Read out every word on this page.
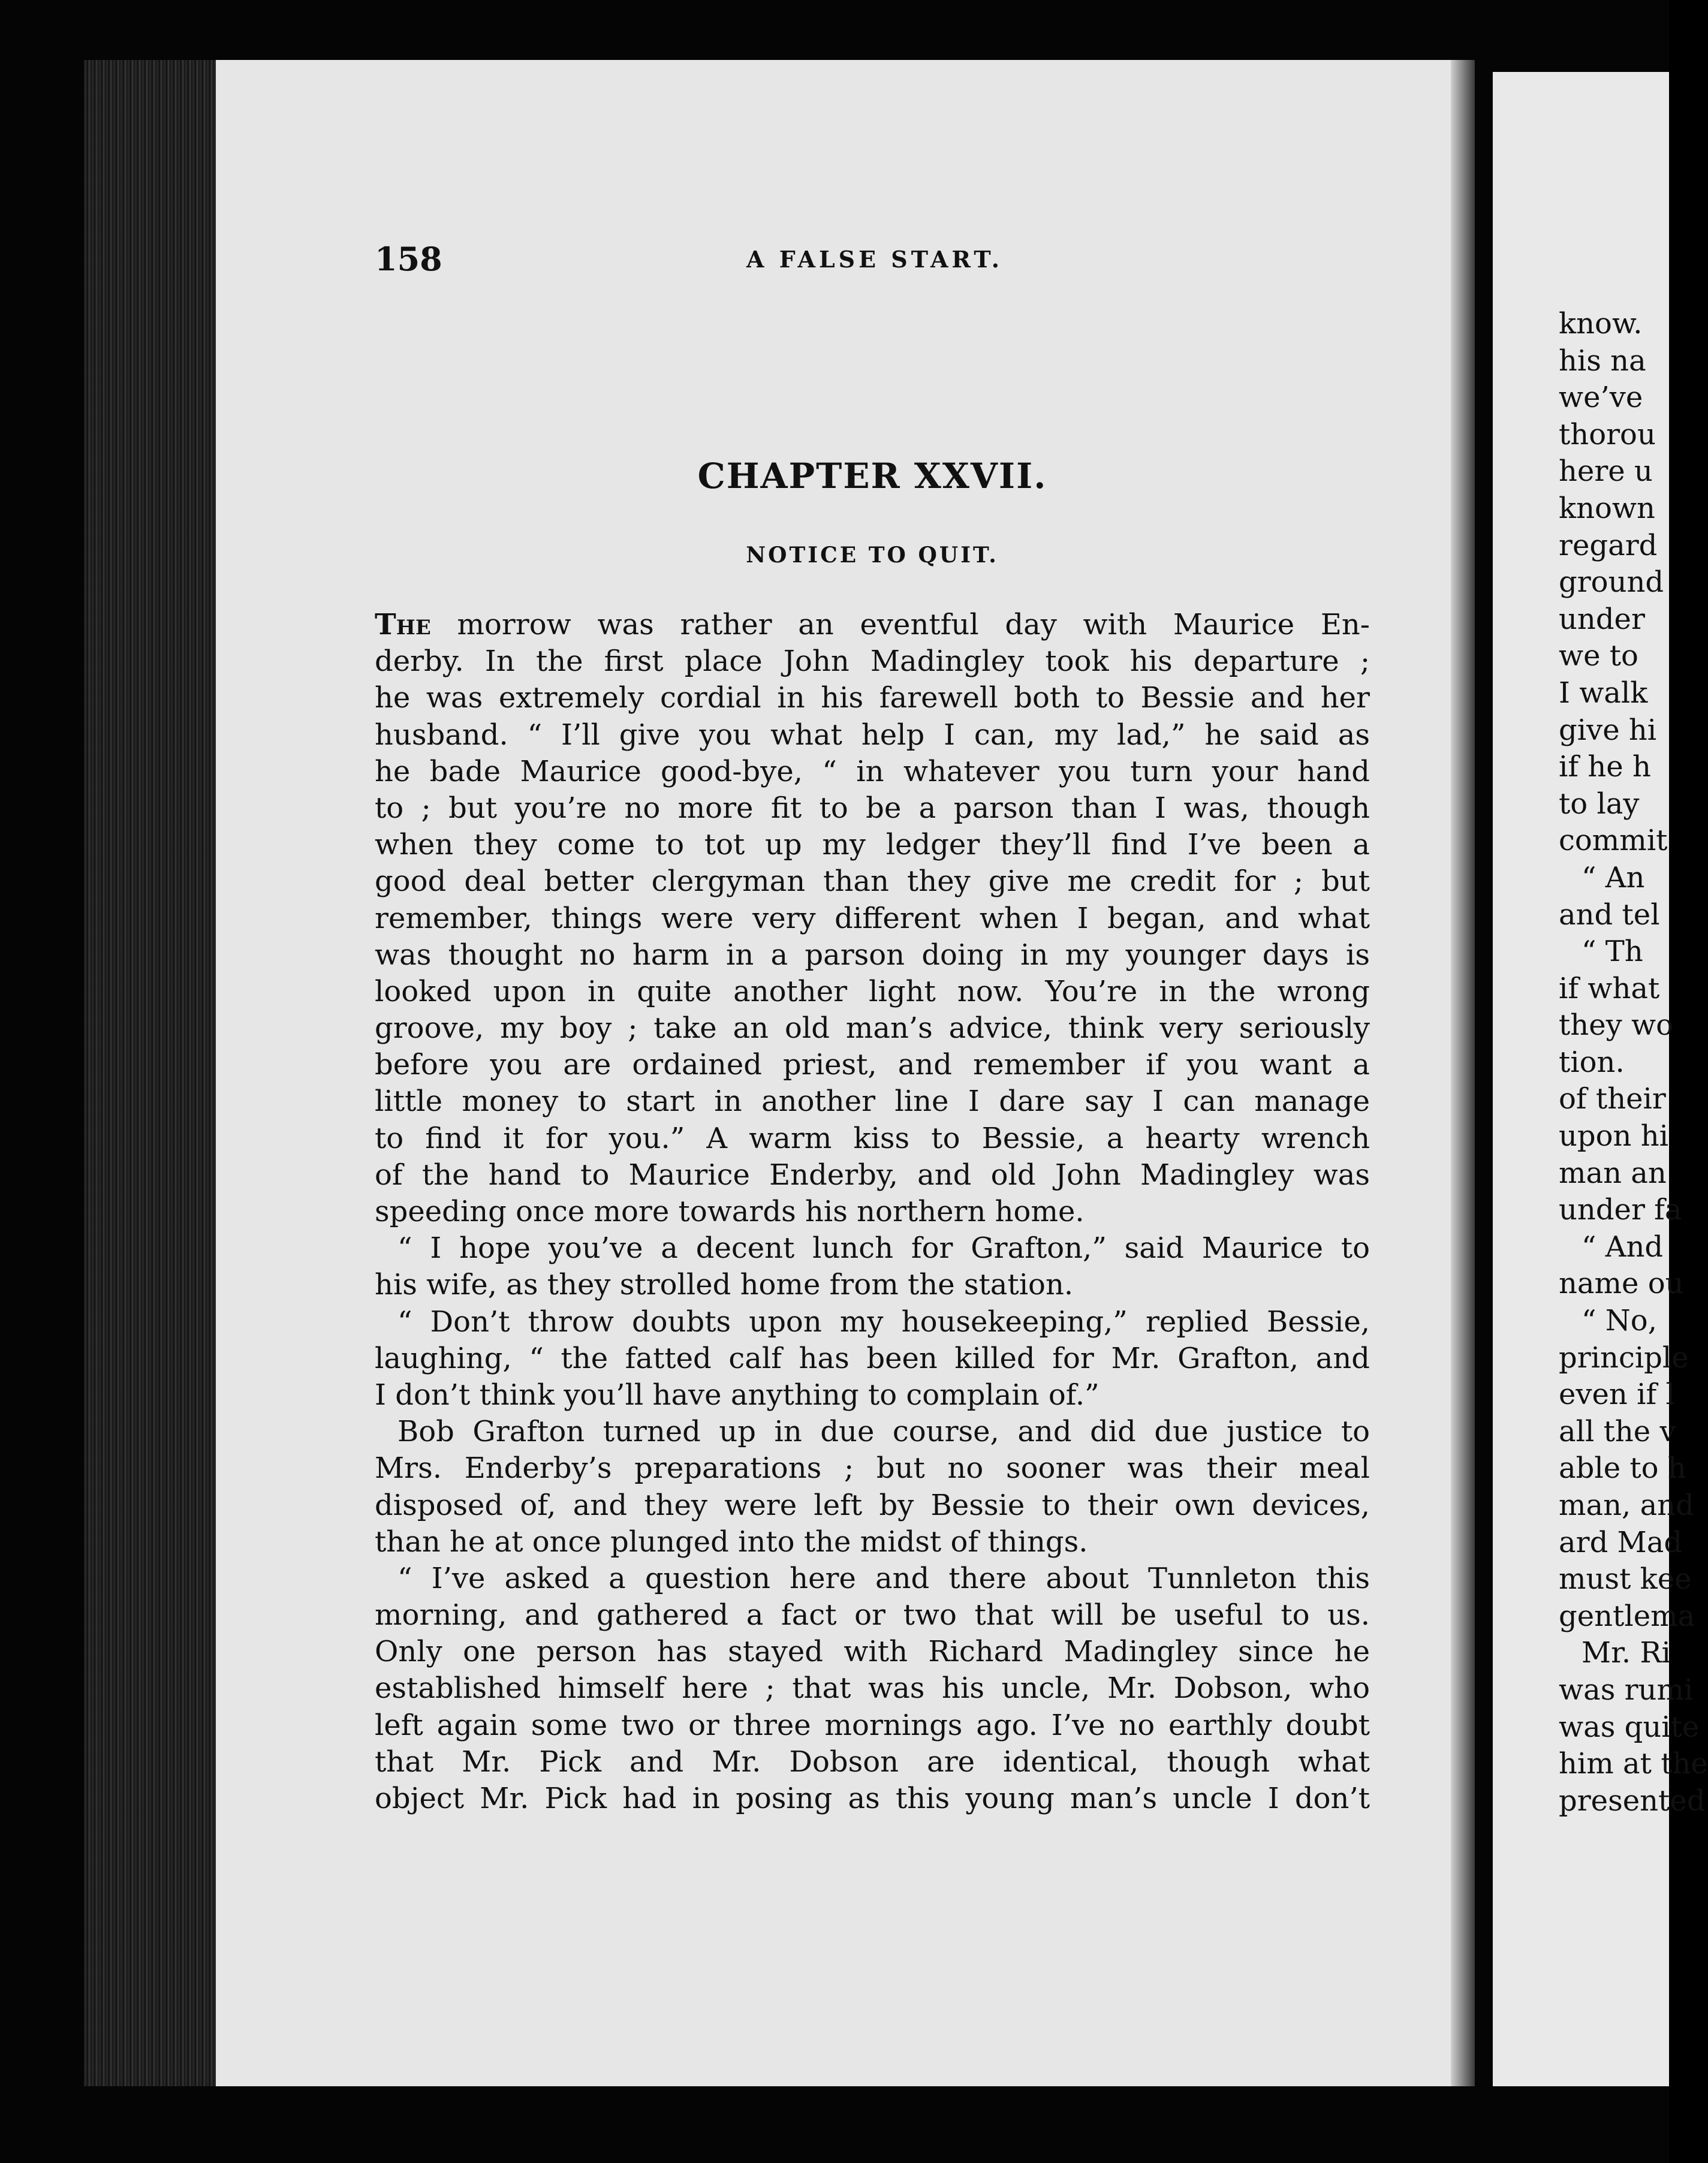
158	A FALSE START.
CHAPTER XXVII.
NOTICE TO QUIT.
The morrow was rather an eventful day with Maurice En-
derby. In the first place John Madingley took his departure ;
he was extremely cordial in his farewell both to Bessie and her
husband. “ I’ll give you what help I can, my lad,” he said as
he bade Maurice good-bye, “ in whatever you turn your hand
to ; but you’re no more fit to be a parson than I was, though
when they come to tot up my ledger they’ll find I’ve been a
good deal better clergyman than they give me credit for ; but
remember, things were very different when I began, and what
was thought no harm in a parson doing in my younger days is
looked upon in quite another light now. You’re in the wrong
groove, my boy ; take an old man’s advice, think very seriously
before you are ordained priest, and remember if you want a
little money to start in another line I dare say I can manage
to find it for you.” A warm kiss to Bessie, a hearty wrench
of the hand to Maurice Enderby, and old John Madingley was
speeding once more towards his northern home.
“ I hope you’ve a decent lunch for Grafton,” said Maurice to
his wife, as they strolled home from the station.
“ Don’t throw doubts upon my housekeeping,” replied Bessie,
laughing, “ the fatted calf has been killed for Mr. Grafton, and
I don’t think you’ll have anything to complain of.”
Bob Grafton turned up in due course, and did due justice to
Mrs. Enderby’s preparations ; but no sooner was their meal
disposed of, and they were left by Bessie to their own devices,
than he at once plunged into the midst of things.
“ I’ve asked a question here and there about Tunnleton this
morning, and gathered a fact or two that will be useful to us.
Only one person has stayed with Richard Madingley since he
established himself here ; that was his uncle, Mr. Dobson, who
left again some two or three mornings ago. I’ve no earthly doubt
that Mr. Pick and Mr. Dobson are identical, though what
object Mr. Pick had in posing as this young man’s uncle I don’t
know.
his na
we’ve
thorou
here u
known
regard
ground
under
we to
I walk
give hi
if he h
to lay
commit
“ An
and tel
“ Th
if what
they wo
tion.
of their
upon hi
man an
under fa
“ And
name ou
“ No,
principle
even if l
all the v
able to h
man, and
ard Mad
must kee
gentlema
Mr. Ri
was rumi
was quite
him at the
presented
